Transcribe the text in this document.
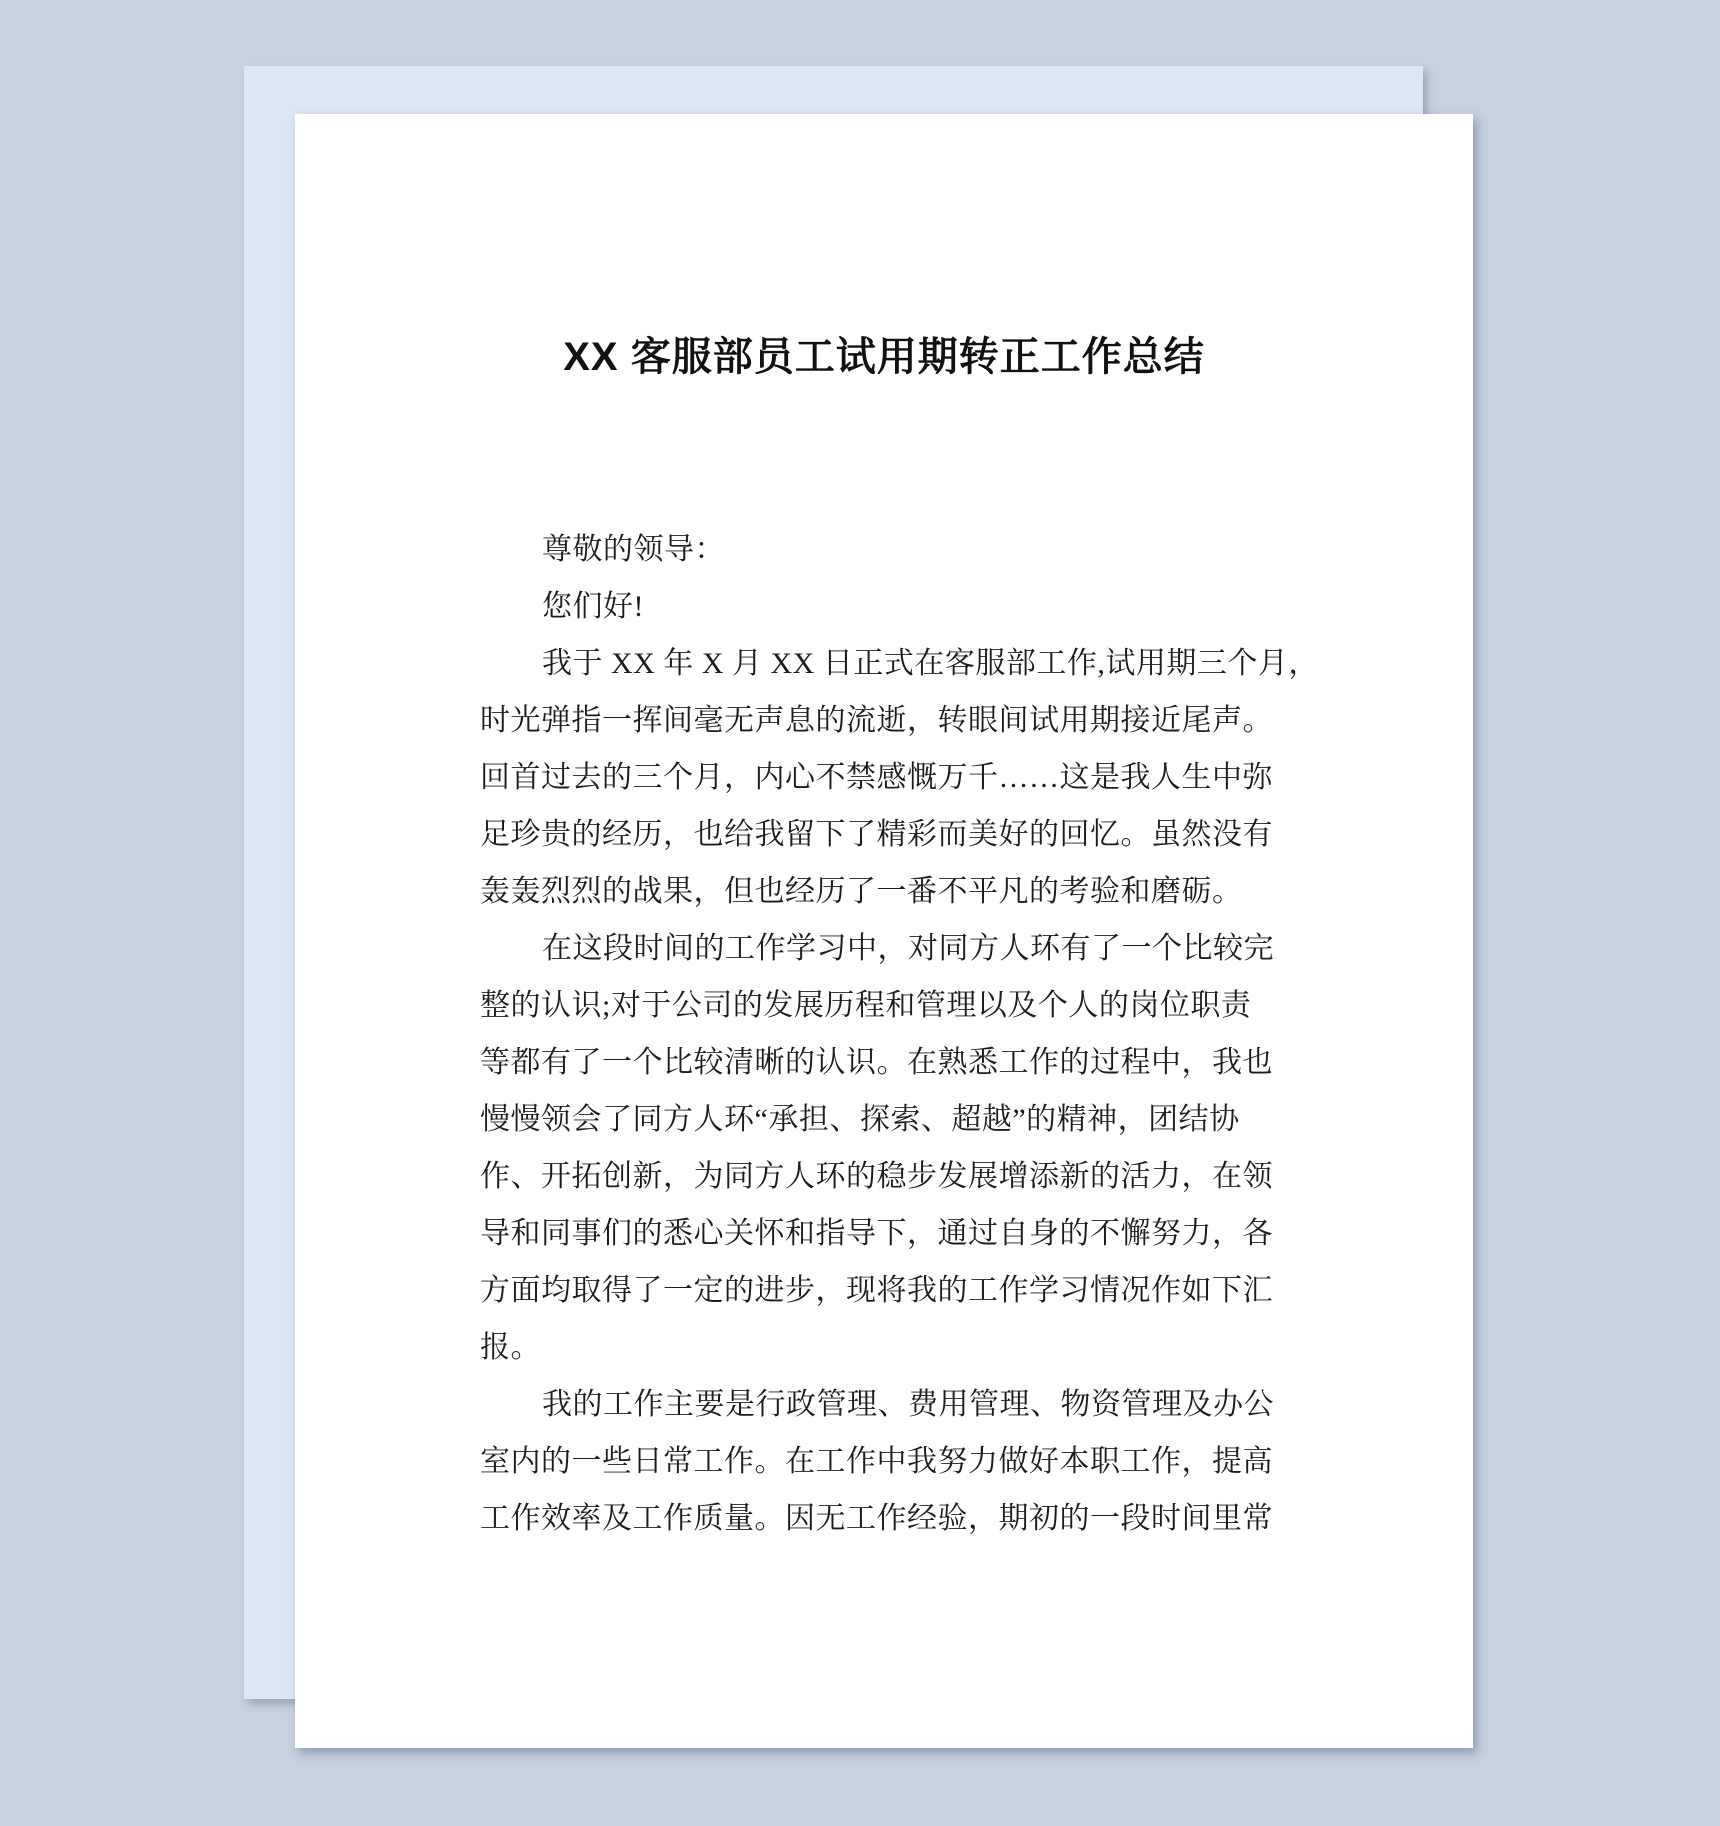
XX 客服部员工试用期转正工作总结
尊敬的领导：
您们好!
我于 XX 年 X 月 XX 日正式在客服部工作,试用期三个月，
时光弹指一挥间毫无声息的流逝，转眼间试用期接近尾声。
回首过去的三个月，内心不禁感慨万千……这是我人生中弥
足珍贵的经历，也给我留下了精彩而美好的回忆。虽然没有
轰轰烈烈的战果，但也经历了一番不平凡的考验和磨砺。
在这段时间的工作学习中，对同方人环有了一个比较完
整的认识;对于公司的发展历程和管理以及个人的岗位职责
等都有了一个比较清晰的认识。在熟悉工作的过程中，我也
慢慢领会了同方人环“承担、探索、超越”的精神，团结协
作、开拓创新，为同方人环的稳步发展增添新的活力，在领
导和同事们的悉心关怀和指导下，通过自身的不懈努力，各
方面均取得了一定的进步，现将我的工作学习情况作如下汇
报。
我的工作主要是行政管理、费用管理、物资管理及办公
室内的一些日常工作。在工作中我努力做好本职工作，提高
工作效率及工作质量。因无工作经验，期初的一段时间里常
